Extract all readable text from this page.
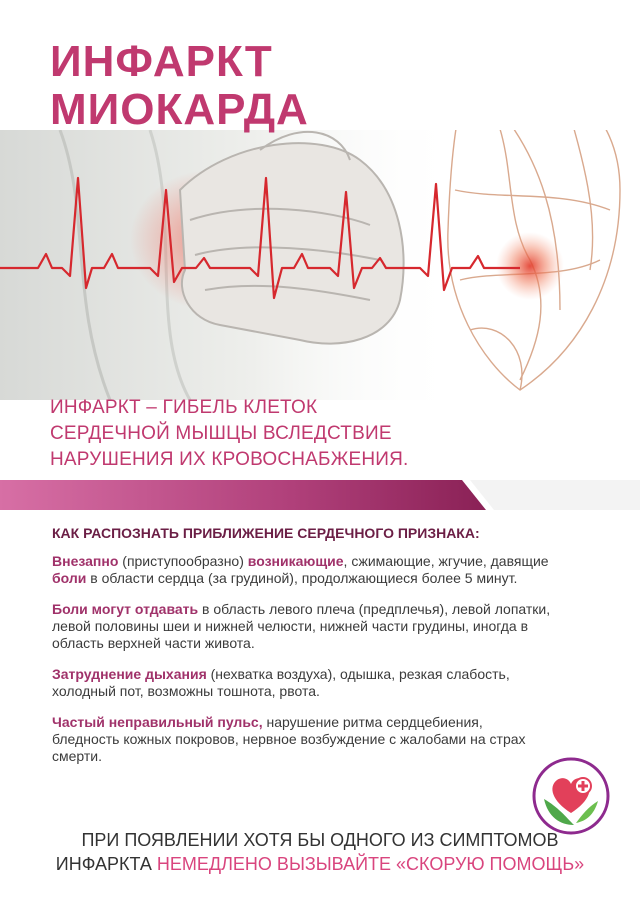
ИНФАРКТ
МИОКАРДА

ИНФАРКТ – ГИБЕЛЬ КЛЕТОК
СЕРДЕЧНОЙ МЫШЦЫ ВСЛЕДСТВИЕ
НАРУШЕНИЯ ИХ КРОВОСНАБЖЕНИЯ.

КАК РАСПОЗНАТЬ ПРИБЛИЖЕНИЕ СЕРДЕЧНОГО ПРИЗНАКА:

Внезапно (приступообразно) возникающие, сжимающие, жгучие, давящие боли в области сердца (за грудиной), продолжающиеся более 5 минут.

Боли могут отдавать в область левого плеча (предплечья), левой лопатки, левой половины шеи и нижней челюсти, нижней части грудины, иногда в область верхней части живота.

Затруднение дыхания (нехватка воздуха), одышка, резкая слабость, холодный пот, возможны тошнота, рвота.

Частый неправильный пульс, нарушение ритма сердцебиения, бледность кожных покровов, нервное возбуждение с жалобами на страх смерти.

ПРИ ПОЯВЛЕНИИ ХОТЯ БЫ ОДНОГО ИЗ СИМПТОМОВ
ИНФАРКТА НЕМЕДЛЕНО ВЫЗЫВАЙТЕ «СКОРУЮ ПОМОЩЬ»
